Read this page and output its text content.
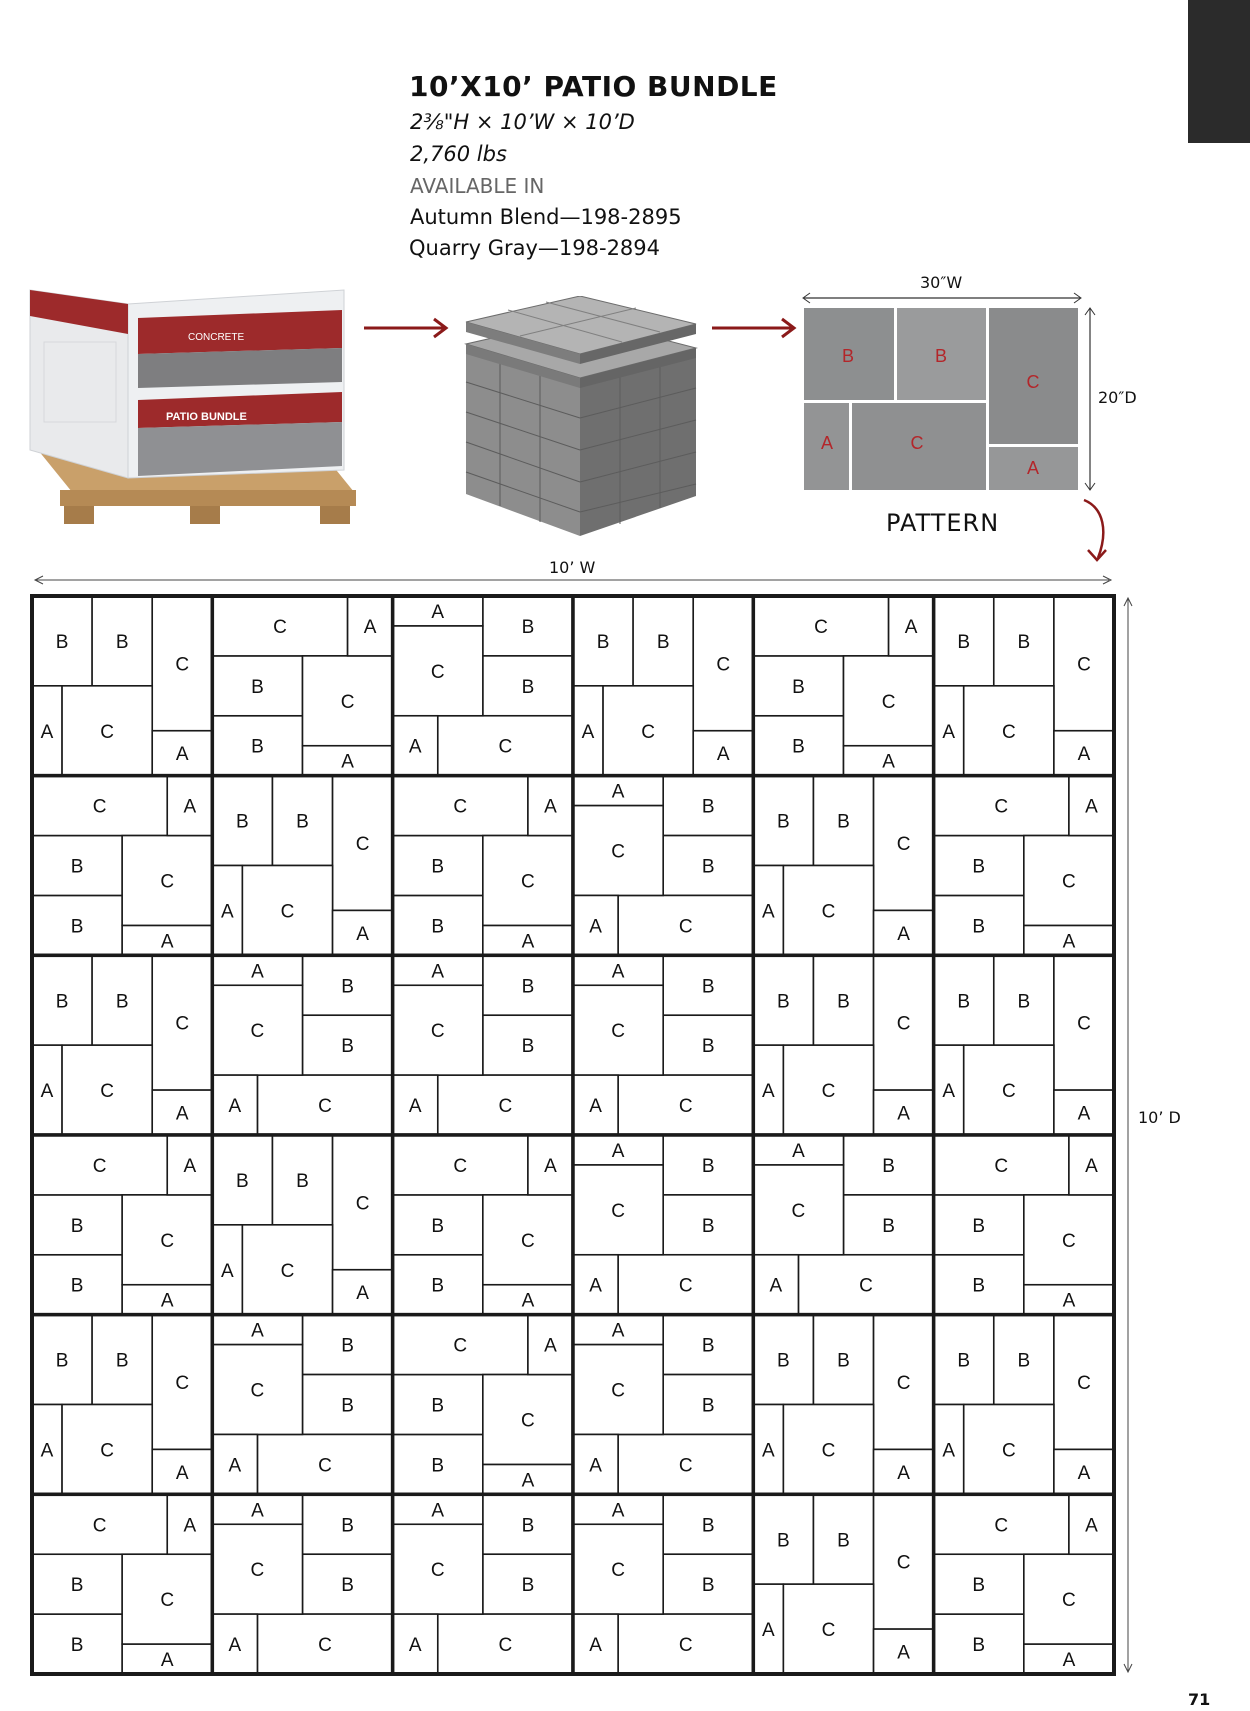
10’X10’ PATIO BUNDLE
2⅜"H × 10’W × 10’D
2,760 lbs
AVAILABLE IN
Autumn Blend—198-2895
Quarry Gray—198-2894
CONCRETE
PATIO BUNDLE
30″W
20″D
B	B
C
A	C
A
PATTERN
10’ W
10’ D
B B
C
A C
A	B
B
C
A
C
A	B
B
C
A
C
A
B B
C
A C
A	B
B
C
A
C
A
B B
C
A C
A
B
B
C
A
C
A
B B
C
A C
A	B
B
C
A
C
A	B
B
C
A
C
A
B B
C
A C
A	B
B
C
A
C
A
B B
C
A C
A
B
B
C
A
C
A
B
B
C
A
C
A
B
B
C
A
C
A
B B
C
A C
A
B B
C
A C
A
B
B
C
A
C
A
B B
C
A C
A	B
B
C
A
C
A	B
B
C
A
C
A
B
B
C
A
C
A	B
B
C
A
C
A
B B
C
A C
A
B
B
C
A
C
A	B
B
C
A
C
A	B
B
C
A
C
A
B B
C
A C
A
B B
C
A C
A
B
B
C
A
C
A	B
B
C
A
C
A
B
B
C
A
C
A
B
B
C
A
C
A
B B
C
A C
A	B
B
C
A
C
A
71
